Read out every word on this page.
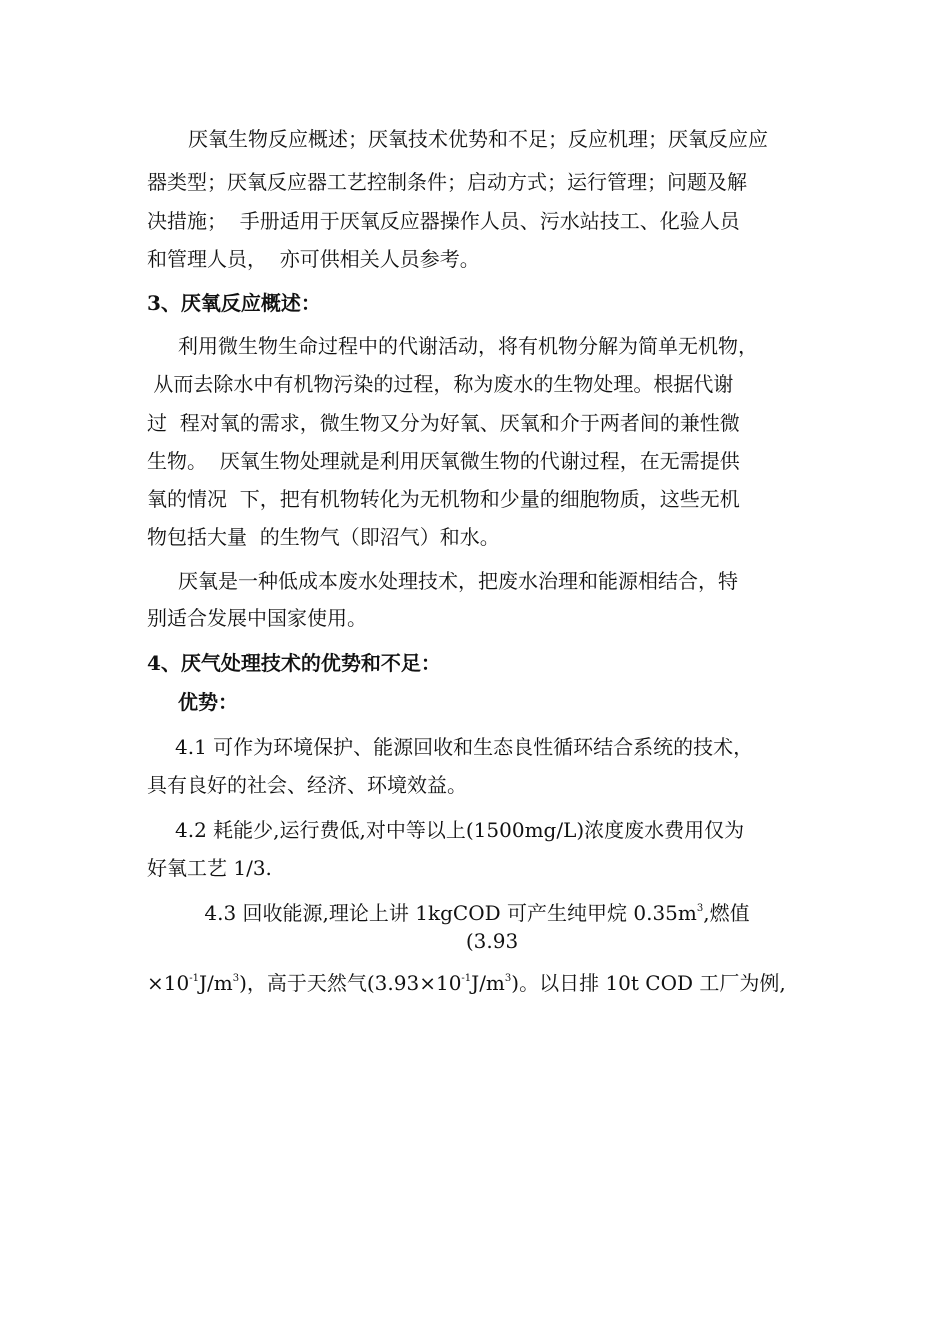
厌氧生物反应概述；厌氧技术优势和不足；反应机理；厌氧反应应
器类型；厌氧反应器工艺控制条件；启动方式；运行管理；问题及解
决措施；  手册适用于厌氧反应器操作人员、污水站技工、化验人员
和管理人员，  亦可供相关人员参考。
3、厌氧反应概述：
利用微生物生命过程中的代谢活动，将有机物分解为简单无机物，
从而去除水中有机物污染的过程，称为废水的生物处理。根据代谢
过  程对氧的需求，微生物又分为好氧、厌氧和介于两者间的兼性微
生物。  厌氧生物处理就是利用厌氧微生物的代谢过程，在无需提供
氧的情况  下，把有机物转化为无机物和少量的细胞物质，这些无机
物包括大量  的生物气（即沼气）和水。
厌氧是一种低成本废水处理技术，把废水治理和能源相结合，特
别适合发展中国家使用。
4、厌气处理技术的优势和不足：
优势：
4.1 可作为环境保护、能源回收和生态良性循环结合系统的技术，
具有良好的社会、经济、环境效益。
4.2 耗能少,运行费低,对中等以上(1500mg/L)浓度废水费用仅为
好氧工艺 1/3.
4.3 回收能源,理论上讲 1kgCOD 可产生纯甲烷 $0.35m^3$,燃值
(3.93
$\times 10^{-1}J/m^3$)，高于天然气$(3.93\times 10^{-1}J/m^3)$。以日排 10t COD 工厂为例,
